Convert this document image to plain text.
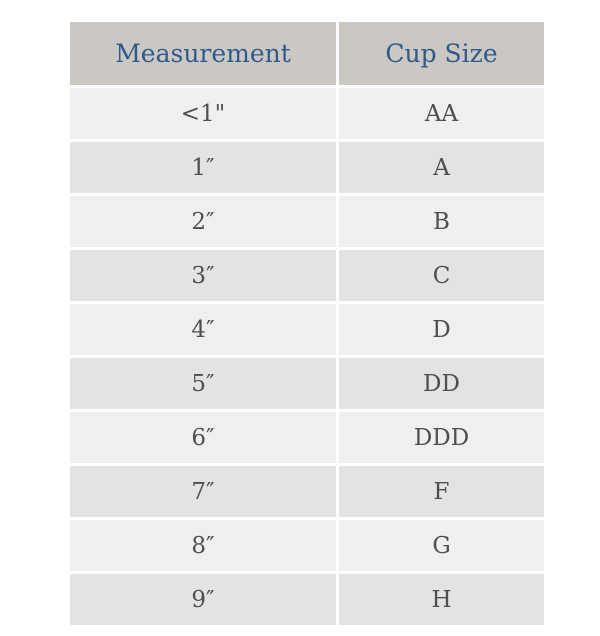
Measurement	Cup Size
<1"	AA
1″	A
2″	B
3″	C
4″	D
5″	DD
6″	DDD
7″	F
8″	G
9″	H
